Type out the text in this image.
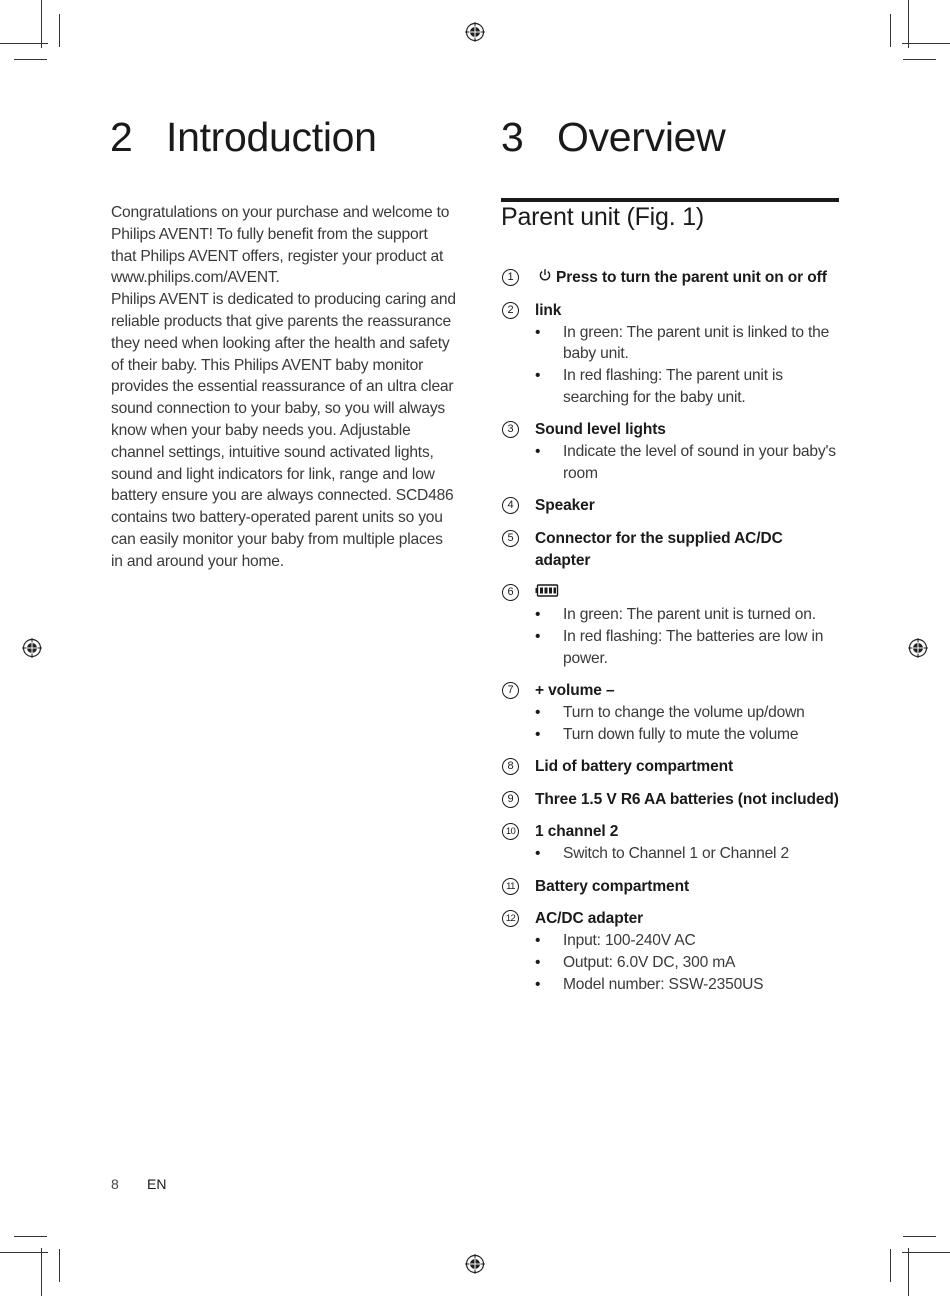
2 Introduction

Congratulations on your purchase and welcome to Philips AVENT! To fully benefit from the support that Philips AVENT offers, register your product at www.philips.com/AVENT.

Philips AVENT is dedicated to producing caring and reliable products that give parents the reassurance they need when looking after the health and safety of their baby. This Philips AVENT baby monitor provides the essential reassurance of an ultra clear sound connection to your baby, so you will always know when your baby needs you. Adjustable channel settings, intuitive sound activated lights, sound and light indicators for link, range and low battery ensure you are always connected. SCD486 contains two battery-operated parent units so you can easily monitor your baby from multiple places in and around your home.

3 Overview
Parent unit (Fig. 1)
1	Press to turn the parent unit on or off
2	link
• In green: The parent unit is linked to the baby unit.
• In red flashing: The parent unit is searching for the baby unit.
3	Sound level lights
• Indicate the level of sound in your baby's room
4	Speaker
5	Connector for the supplied AC/DC adapter
6
• In green: The parent unit is turned on.
• In red flashing: The batteries are low in power.
7	+ volume –
• Turn to change the volume up/down
• Turn down fully to mute the volume
8	Lid of battery compartment
9	Three 1.5 V R6 AA batteries (not included)
10 1 channel 2
• Switch to Channel 1 or Channel 2
11 Battery compartment
12 AC/DC adapter
• Input: 100-240V AC
• Output: 6.0V DC, 300 mA
• Model number: SSW-2350US
8 EN
